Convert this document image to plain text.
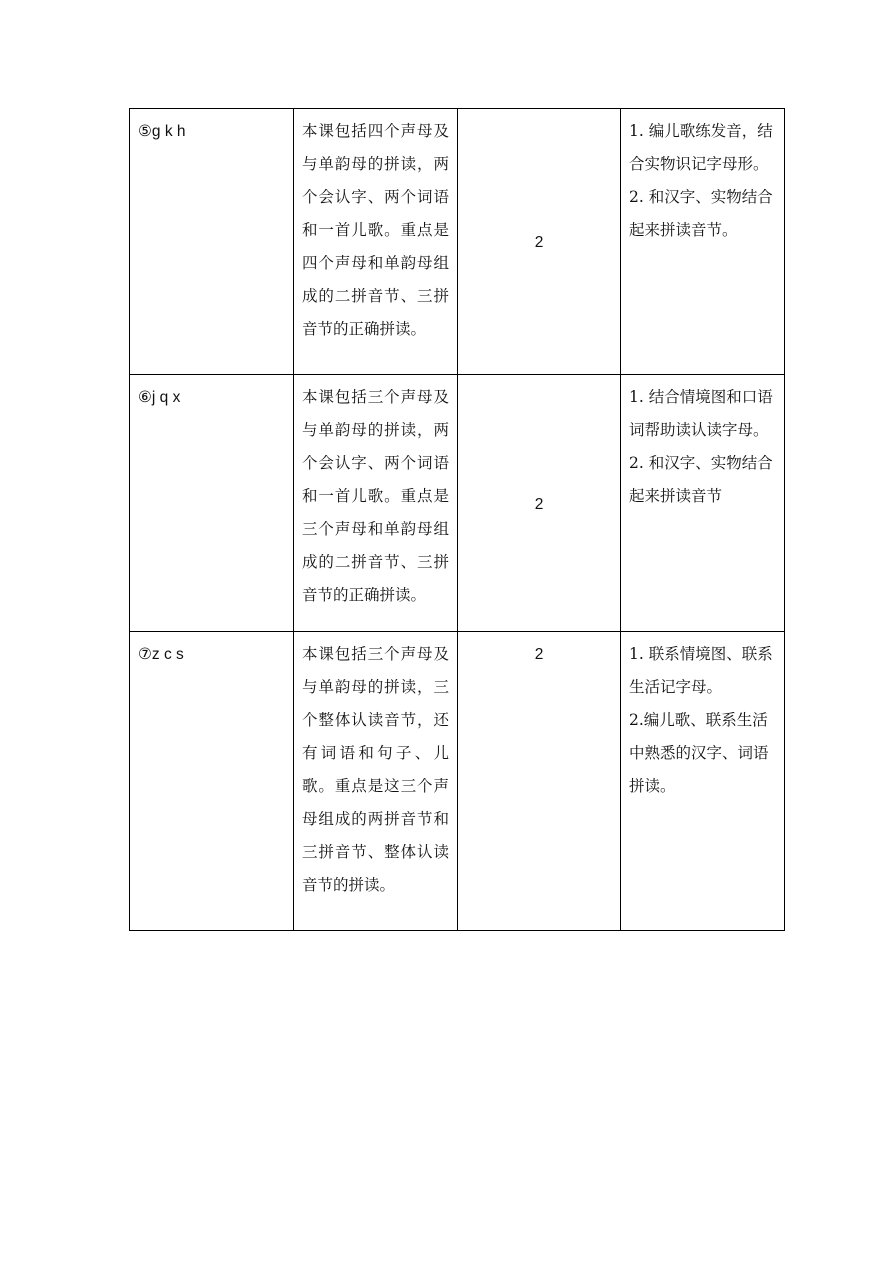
⑤g k h	本课包括四个声母及与单韵母的拼读，两个会认字、两个词语和一首儿歌。重点是四个声母和单韵母组成的二拼音节、三拼音节的正确拼读。	2	1. 编儿歌练发音，结合实物识记字母形。
2. 和汉字、实物结合起来拼读音节。

⑥j q x	本课包括三个声母及与单韵母的拼读，两个会认字、两个词语和一首儿歌。重点是三个声母和单韵母组成的二拼音节、三拼音节的正确拼读。	2	1. 结合情境图和口语词帮助读认读字母。
2. 和汉字、实物结合起来拼读音节

⑦z c s	本课包括三个声母及与单韵母的拼读，三个整体认读音节，还有词语和句子、儿歌。重点是这三个声母组成的两拼音节和三拼音节、整体认读音节的拼读。	2	1. 联系情境图、联系生活记字母。
2.编儿歌、联系生活中熟悉的汉字、词语拼读。
